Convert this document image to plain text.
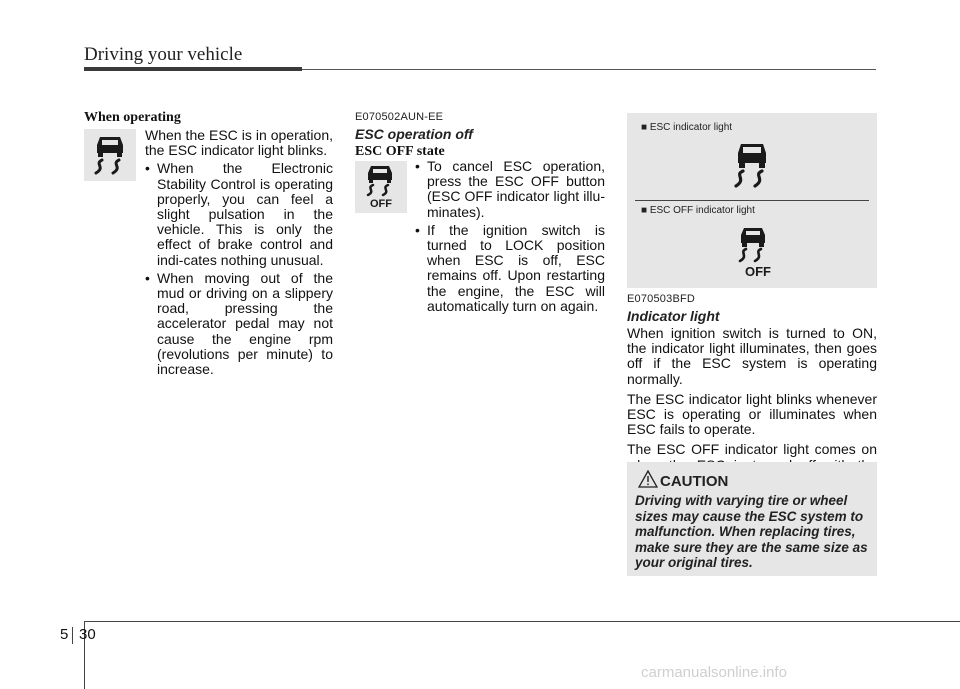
Driving your vehicle
When operating

When the ESC is in operation, the ESC indicator light blinks.

• When the Electronic Stability Control is operating properly, you can feel a slight pulsation in the vehicle. This is only the effect of brake control and indi-cates nothing unusual.
• When moving out of the mud or driving on a slippery road, pressing the accelerator pedal may not cause the engine rpm (revolutions per minute) to increase.
E070502AUN-EE
ESC operation off
ESC OFF state
OFF
• To cancel ESC operation, press the ESC OFF button (ESC OFF indicator light illu-minates).
• If the ignition switch is turned to LOCK position when ESC is off, ESC remains off. Upon restarting the engine, the ESC will automatically turn on again.
■ ESC indicator light
■ ESC OFF indicator light
OFF
E070503BFD
Indicator light

When ignition switch is turned to ON, the indicator light illuminates, then goes off if the ESC system is operating normally.

The ESC indicator light blinks whenever ESC is operating or illuminates when ESC fails to operate.

The ESC OFF indicator light comes on

CAUTION
Driving with varying tire or wheel sizes may cause the ESC system to malfunction. When replacing tires, make sure they are the same size as your original tires.
5 30
carmanualsonline.info
